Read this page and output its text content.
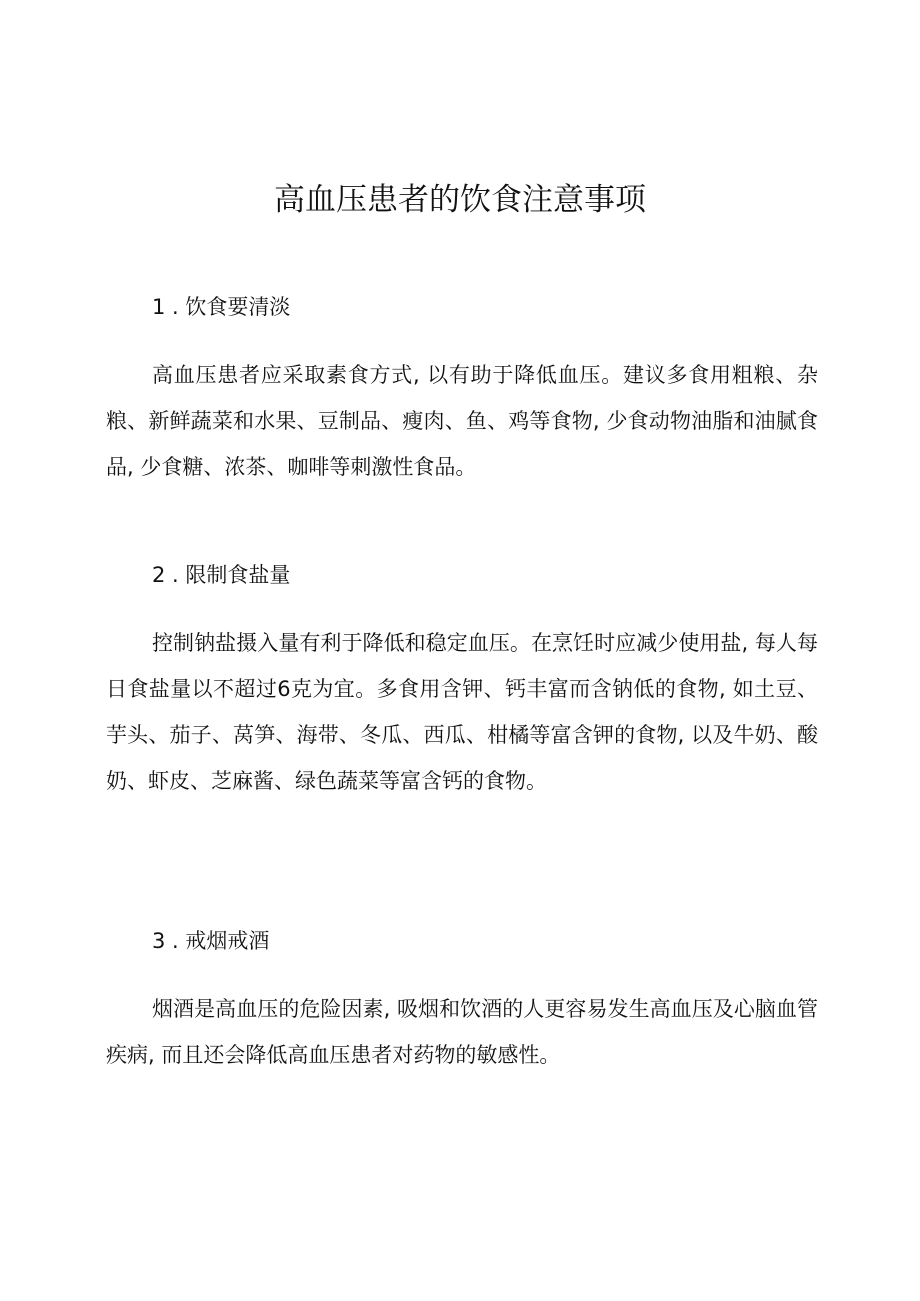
高血压患者的饮食注意事项

1 . 饮食要清淡

高血压患者应采取素食方式, 以有助于降低血压。建议多食用粗粮、杂粮、新鲜蔬菜和水果、豆制品、瘦肉、鱼、鸡等食物, 少食动物油脂和油腻食品, 少食糖、浓茶、咖啡等刺激性食品。

2 . 限制食盐量

控制钠盐摄入量有利于降低和稳定血压。在烹饪时应减少使用盐, 每人每日食盐量以不超过6克为宜。多食用含钾、钙丰富而含钠低的食物, 如土豆、芋头、茄子、莴笋、海带、冬瓜、西瓜、柑橘等富含钾的食物, 以及牛奶、酸奶、虾皮、芝麻酱、绿色蔬菜等富含钙的食物。

3 . 戒烟戒酒

烟酒是高血压的危险因素, 吸烟和饮酒的人更容易发生高血压及心脑血管疾病, 而且还会降低高血压患者对药物的敏感性。
